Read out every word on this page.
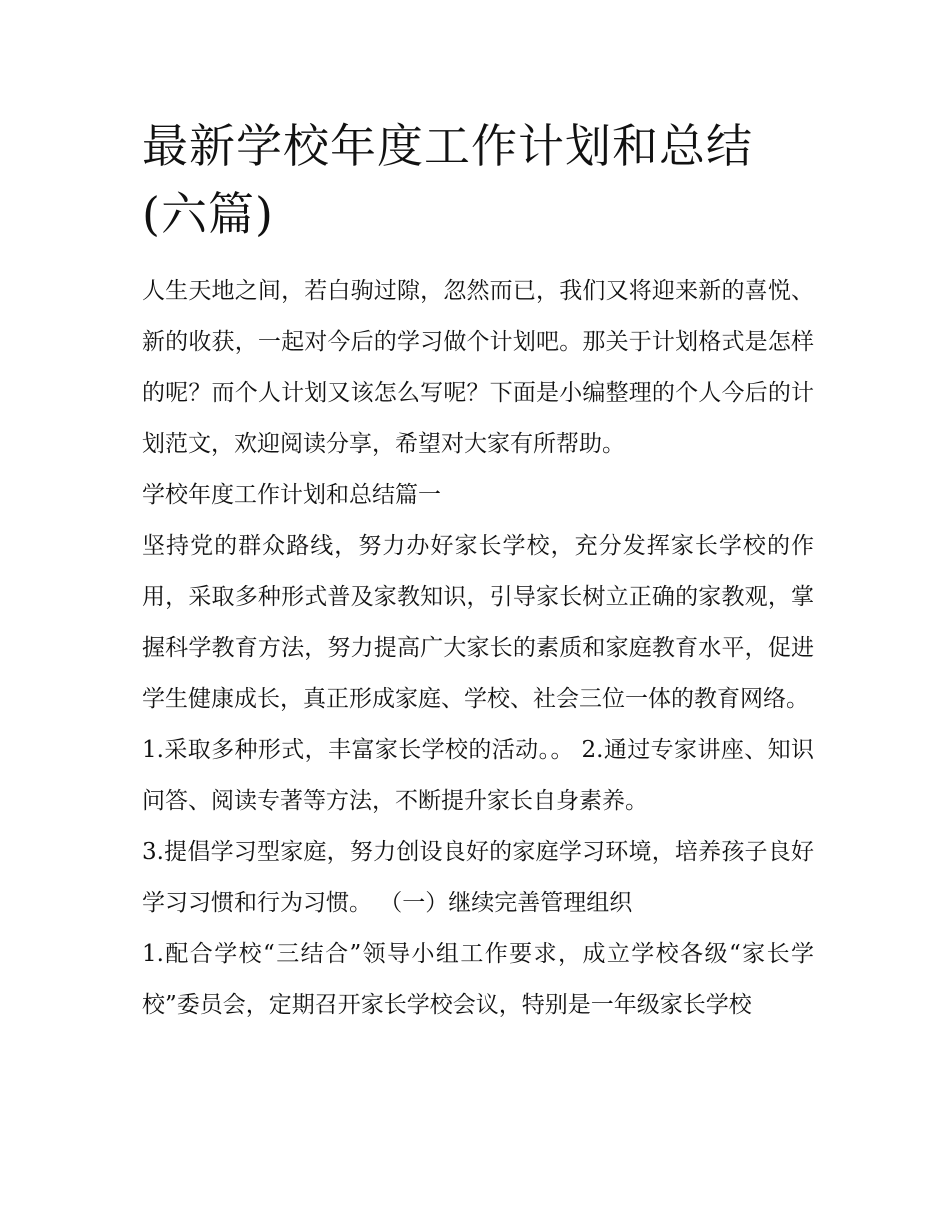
最新学校年度工作计划和总结(六篇)

人生天地之间，若白驹过隙，忽然而已，我们又将迎来新的喜悦、新的收获，一起对今后的学习做个计划吧。那关于计划格式是怎样的呢？而个人计划又该怎么写呢？下面是小编整理的个人今后的计划范文，欢迎阅读分享，希望对大家有所帮助。

学校年度工作计划和总结篇一

坚持党的群众路线，努力办好家长学校，充分发挥家长学校的作用，采取多种形式普及家教知识，引导家长树立正确的家教观，掌握科学教育方法，努力提高广大家长的素质和家庭教育水平，促进学生健康成长，真正形成家庭、学校、社会三位一体的教育网络。

1.采取多种形式，丰富家长学校的活动。。 2.通过专家讲座、知识问答、阅读专著等方法，不断提升家长自身素养。

3.提倡学习型家庭，努力创设良好的家庭学习环境，培养孩子良好学习习惯和行为习惯。 （一）继续完善管理组织

1.配合学校“三结合”领导小组工作要求，成立学校各级“家长学校”委员会，定期召开家长学校会议，特别是一年级家长学校
